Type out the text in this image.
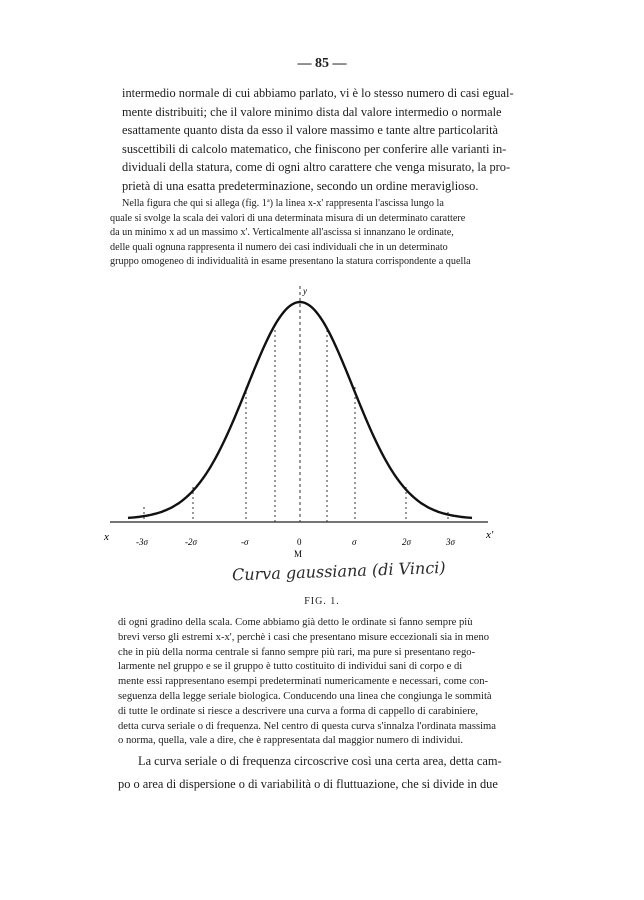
— 85 —
intermedio normale di cui abbiamo parlato, vi è lo stesso numero di casi egual-
mente distribuiti; che il valore minimo dista dal valore intermedio o normale
esattamente quanto dista da esso il valore massimo e tante altre particolarità
suscettibili di calcolo matematico, che finiscono per conferire alle varianti in-
dividuali della statura, come di ogni altro carattere che venga misurato, la pro-
prietà di una esatta predeterminazione, secondo un ordine meraviglioso.
Nella figura che qui si allega (fig. 1ª) la linea x-x' rappresenta l'ascissa lungo la
quale si svolge la scala dei valori di una determinata misura di un determinato carattere
da un minimo x ad un massimo x'. Verticalmente all'ascissa si innanzano le ordinate,
delle quali ognuna rappresenta il numero dei casi individuali che in un determinato
gruppo omogeneo di individualità in esame presentano la statura corrispondente a quella
x	x'
y
-3σ	-2σ	-σ	0	σ	2σ	3σ
M
Curva gaussiana (di Vinci)
FIG. 1.
di ogni gradino della scala. Come abbiamo già detto le ordinate si fanno sempre più
brevi verso gli estremi x-x', perchè i casi che presentano misure eccezionali sia in meno
che in più della norma centrale si fanno sempre più rari, ma pure si presentano rego-
larmente nel gruppo e se il gruppo è tutto costituito di individui sani di corpo e di
mente essi rappresentano esempi predeterminati numericamente e necessari, come con-
seguenza della legge seriale biologica. Conducendo una linea che congiunga le sommità
di tutte le ordinate si riesce a descrivere una curva a forma di cappello di carabiniere,
detta curva seriale o di frequenza. Nel centro di questa curva s'innalza l'ordinata massima
o norma, quella, vale a dire, che è rappresentata dal maggior numero di individui.
La curva seriale o di frequenza circoscrive così una certa area, detta cam-
po o area di dispersione o di variabilità o di fluttuazione, che si divide in due
